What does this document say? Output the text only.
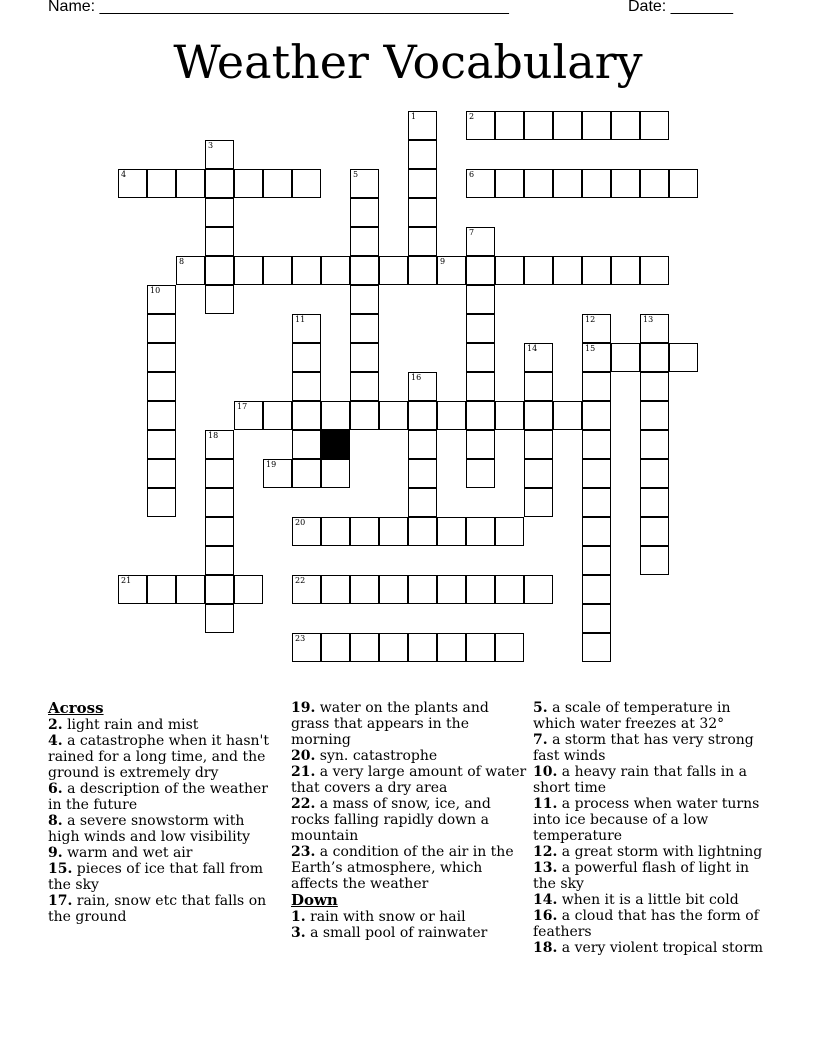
Name: ______________________________________________	Date: _______
Weather Vocabulary
2
4	6
8	9
15
17
19
20
21	22
23
1
3
5
7
10
11	12	13
14
16
18
Across
2. light rain and mist
4. a catastrophe when it hasn't rained for a long time, and the ground is extremely dry
6. a description of the weather in the future
8. a severe snowstorm with high winds and low visibility
9. warm and wet air
15. pieces of ice that fall from the sky
17. rain, snow etc that falls on the ground
19. water on the plants and grass that appears in the morning
20. syn. catastrophe
21. a very large amount of water that covers a dry area
22. a mass of snow, ice, and rocks falling rapidly down a mountain
23. a condition of the air in the Earth’s atmosphere, which affects the weather
Down
1. rain with snow or hail
3. a small pool of rainwater
5. a scale of temperature in which water freezes at 32°
7. a storm that has very strong fast winds
10. a heavy rain that falls in a short time
11. a process when water turns into ice because of a low temperature
12. a great storm with lightning
13. a powerful flash of light in the sky
14. when it is a little bit cold
16. a cloud that has the form of feathers
18. a very violent tropical storm
